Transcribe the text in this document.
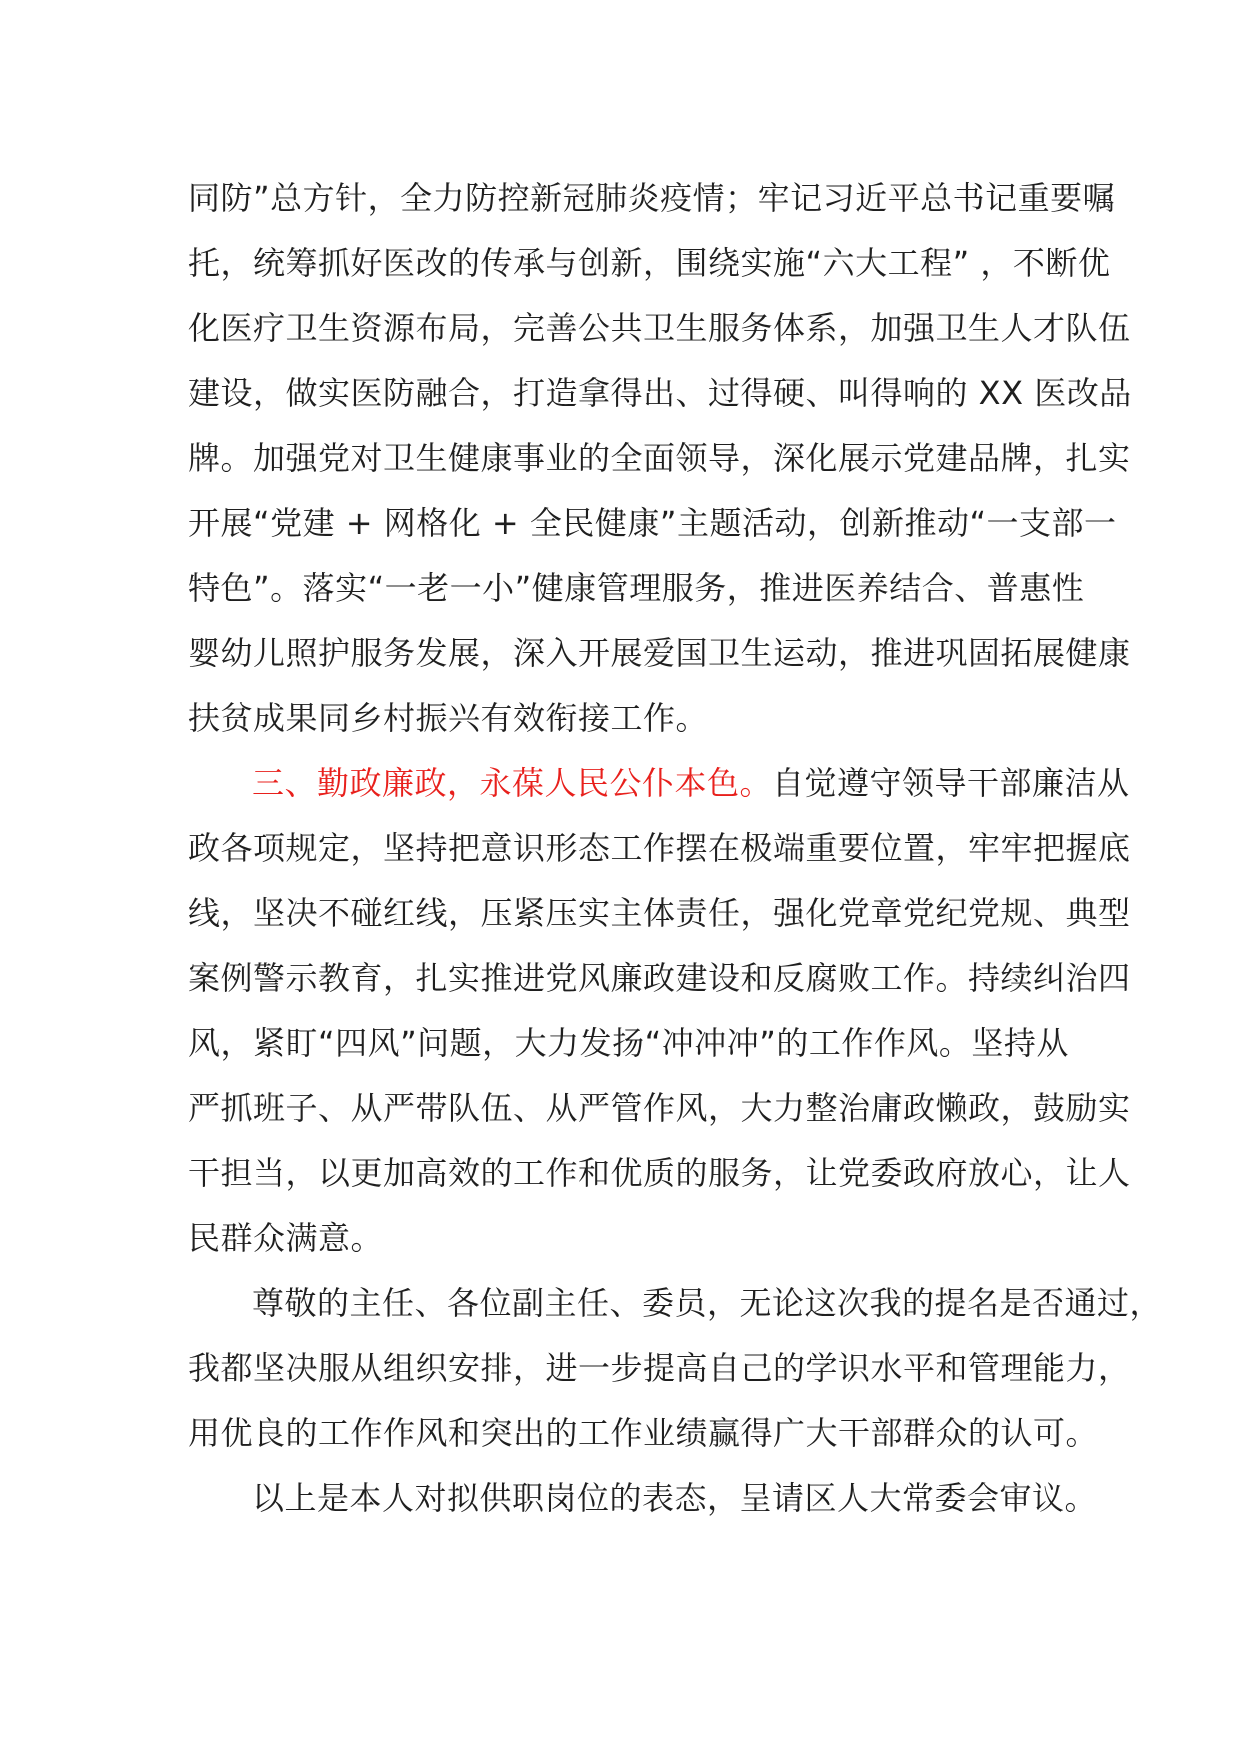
同防”总方针，全力防控新冠肺炎疫情；牢记习近平总书记重要嘱
托，统筹抓好医改的传承与创新，围绕实施“六大工程” ，不断优
化医疗卫生资源布局，完善公共卫生服务体系，加强卫生人才队伍
建设，做实医防融合，打造拿得出、过得硬、叫得响的 XX 医改品
牌。加强党对卫生健康事业的全面领导，深化展示党建品牌，扎实
开展“党建 + 网格化 + 全民健康”主题活动，创新推动“一支部一
特色”。落实“一老一小”健康管理服务，推进医养结合、普惠性
婴幼儿照护服务发展，深入开展爱国卫生运动，推进巩固拓展健康
扶贫成果同乡村振兴有效衔接工作。
三、勤政廉政，永葆人民公仆本色。自觉遵守领导干部廉洁从
政各项规定，坚持把意识形态工作摆在极端重要位置，牢牢把握底
线，坚决不碰红线，压紧压实主体责任，强化党章党纪党规、典型
案例警示教育，扎实推进党风廉政建设和反腐败工作。持续纠治四
风，紧盯“四风”问题，大力发扬“冲冲冲”的工作作风。坚持从
严抓班子、从严带队伍、从严管作风，大力整治庸政懒政，鼓励实
干担当，以更加高效的工作和优质的服务，让党委政府放心，让人
民群众满意。
尊敬的主任、各位副主任、委员，无论这次我的提名是否通过，
我都坚决服从组织安排，进一步提高自己的学识水平和管理能力，
用优良的工作作风和突出的工作业绩赢得广大干部群众的认可。
以上是本人对拟供职岗位的表态，呈请区人大常委会审议。
